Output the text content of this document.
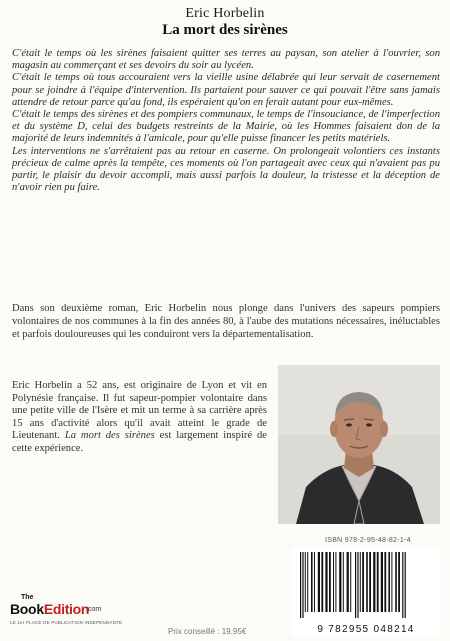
Eric Horbelin
La mort des sirènes

C'était le temps où les sirènes faisaient quitter ses terres au paysan, son atelier à l'ouvrier, son magasin au commerçant et ses devoirs du soir au lycéen.

C'était le temps où tous accouraient vers la vieille usine délabrée qui leur servait de casernement pour se joindre à l'équipe d'intervention. Ils partaient pour sauver ce qui pouvait l'être sans jamais attendre de retour parce qu'au fond, ils espéraient qu'on en ferait autant pour eux-mêmes.

C'était le temps des sirènes et des pompiers communaux, le temps de l'insouciance, de l'imperfection et du système D, celui des budgets restreints de la Mairie, où les Hommes faisaient don de la majorité de leurs indemnités à l'amicale, pour qu'elle puisse financer les petits matériels.

Les interventions ne s'arrêtaient pas au retour en caserne. On prolongeait volontiers ces instants précieux de calme après la tempête, ces moments où l'on partageait avec ceux qui n'avaient pas pu partir, le plaisir du devoir accompli, mais aussi parfois la douleur, la tristesse et la déception de n'avoir rien pu faire.

Dans son deuxième roman, Eric Horbelin nous plonge dans l'univers des sapeurs pompiers volontaires de nos communes à la fin des années 80, à l'aube des mutations nécessaires, inéluctables et parfois douloureuses qui les conduiront vers la départementalisation.

Eric Horbelin a 52 ans, est originaire de Lyon et vit en Polynésie française. Il fut sapeur-pompier volontaire dans une petite ville de l'Isère et mit un terme à sa carrière après 15 ans d'activité alors qu'il avait atteint le grade de Lieutenant. La mort des sirènes est largement inspiré de cette expérience.

ISBN 978-2-95-48-82-1-4
9 782955 048214
The
BookEdition
.com
LE 1er PLACE DE PUBLICATION INDEPENDANTE
Prix conseillé : 19,95€
